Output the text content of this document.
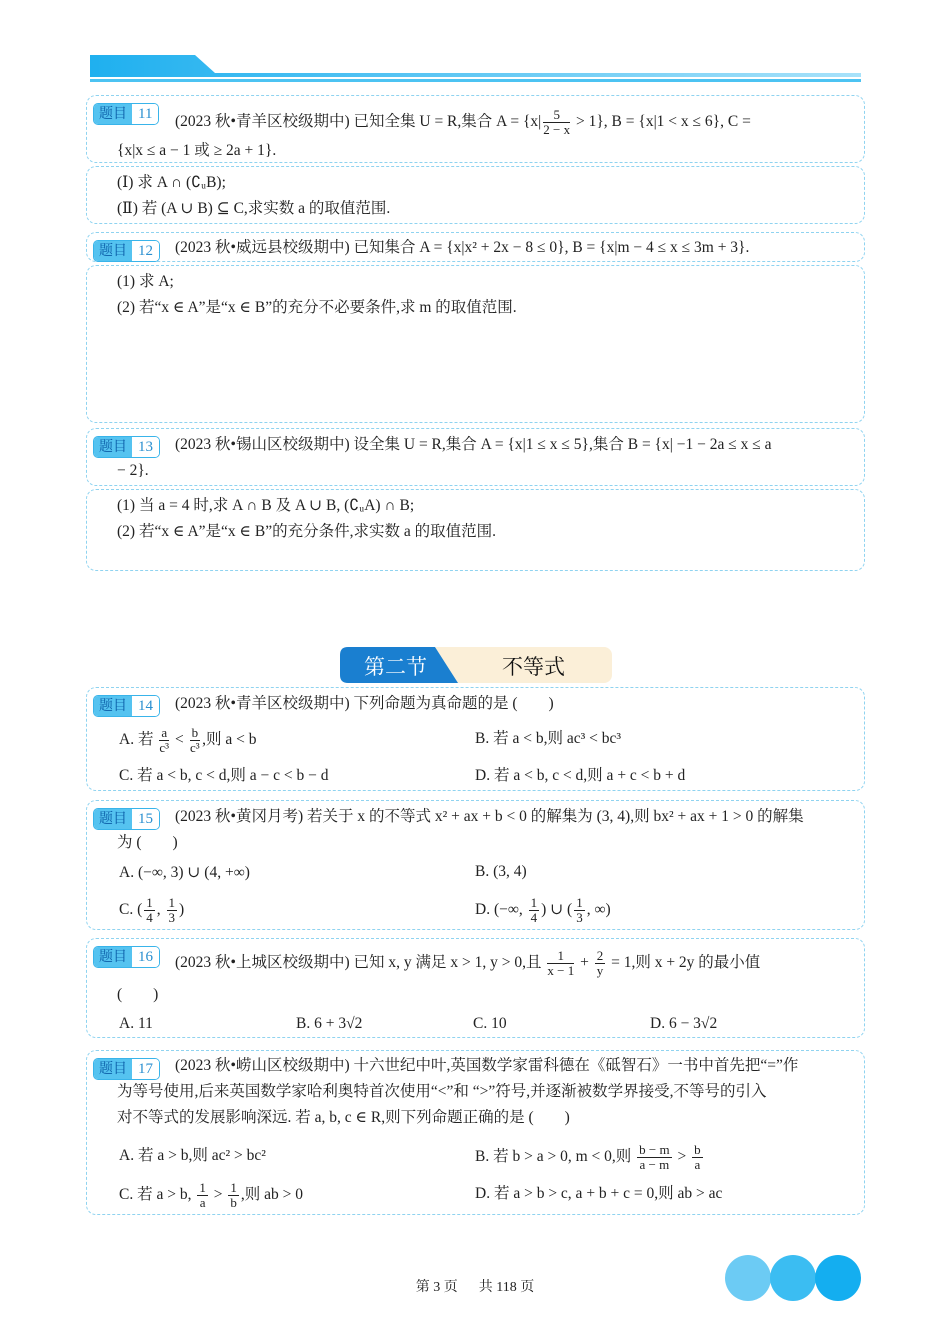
题目 11	(2023 秋•青羊区校级期中) 已知全集 U = R,集合 $A = \{x| \frac{5}{2 - x} > 1\}$, B = {x|1 < x ≤ 6}, C =
{x|x ≤ a − 1 或 ≥ 2a + 1}.
(Ⅰ) 求 A ∩ (∁ᵤB);
(Ⅱ) 若 (A ∪ B) ⊆ C,求实数 a 的取值范围.
题目 12	(2023 秋•威远县校级期中) 已知集合 A = {x|x² + 2x − 8 ≤ 0}, B = {x|m − 4 ≤ x ≤ 3m + 3}.
(1) 求 A;
(2) 若“x ∈ A”是“x ∈ B”的充分不必要条件,求 m 的取值范围.
题目 13	(2023 秋•锡山区校级期中) 设全集 U = R,集合 A = {x|1 ≤ x ≤ 5},集合 B = {x| −1 − 2a ≤ x ≤ a
− 2}.
(1) 当 a = 4 时,求 A ∩ B 及 A ∪ B, (∁ᵤA) ∩ B;
(2) 若“x ∈ A”是“x ∈ B”的充分条件,求实数 a 的取值范围.
题目 14	(2023 秋•青羊区校级期中) 下列命题为真命题的是 (　　)
A. 若 $\frac{a}{\text{c³}} < \frac{b}{\text{c³}}$ ,则 a < b	B. 若 a < b,则 ac³ < bc³
C. 若 a < b, c < d,则 a − c < b − d	D. 若 a < b, c < d,则 a + c < b + d
题目 15	(2023 秋•黄冈月考) 若关于 x 的不等式 x² + ax + b < 0 的解集为 (3, 4),则 bx² + ax + 1 > 0 的解集
为 (　　)
A. (−∞, 3) ∪ (4, +∞)	B. (3, 4)
C. ( $\frac{1}{4}$ , $\frac{1}{3}$ )	D. (−∞, $\frac{1}{4}$ ) ∪ ( $\frac{1}{3}$ , ∞)
题目 16	(2023 秋•上城区校级期中) 已知 x, y 满足 x > 1, y > 0,且 $\frac{1}{x - 1} + \frac{2}{y} = 1$,则 x + 2y 的最小值
(　　)
A. 11	B. 6 + 3√2	C. 10	D. 6 − 3√2
题目 17	(2023 秋•崂山区校级期中) 十六世纪中叶,英国数学家雷科德在《砥智石》一书中首先把“=”作
为等号使用,后来英国数学家哈利奥特首次使用“<”和 “>”符号,并逐渐被数学界接受,不等号的引入
对不等式的发展影响深远. 若 a, b, c ∈ R,则下列命题正确的是 (　　)
A. 若 a > b,则 ac² > bc²	B. 若 b > a > 0, m < 0,则 $\frac{b - m}{a - m} > \frac{b}{a}$
C. 若 a > b, $\frac{1}{a} > \frac{1}{b}$ ,则 ab > 0	D. 若 a > b > c, a + b + c = 0,则 ab > ac
第二节	不等式
第 3 页 共 118 页
